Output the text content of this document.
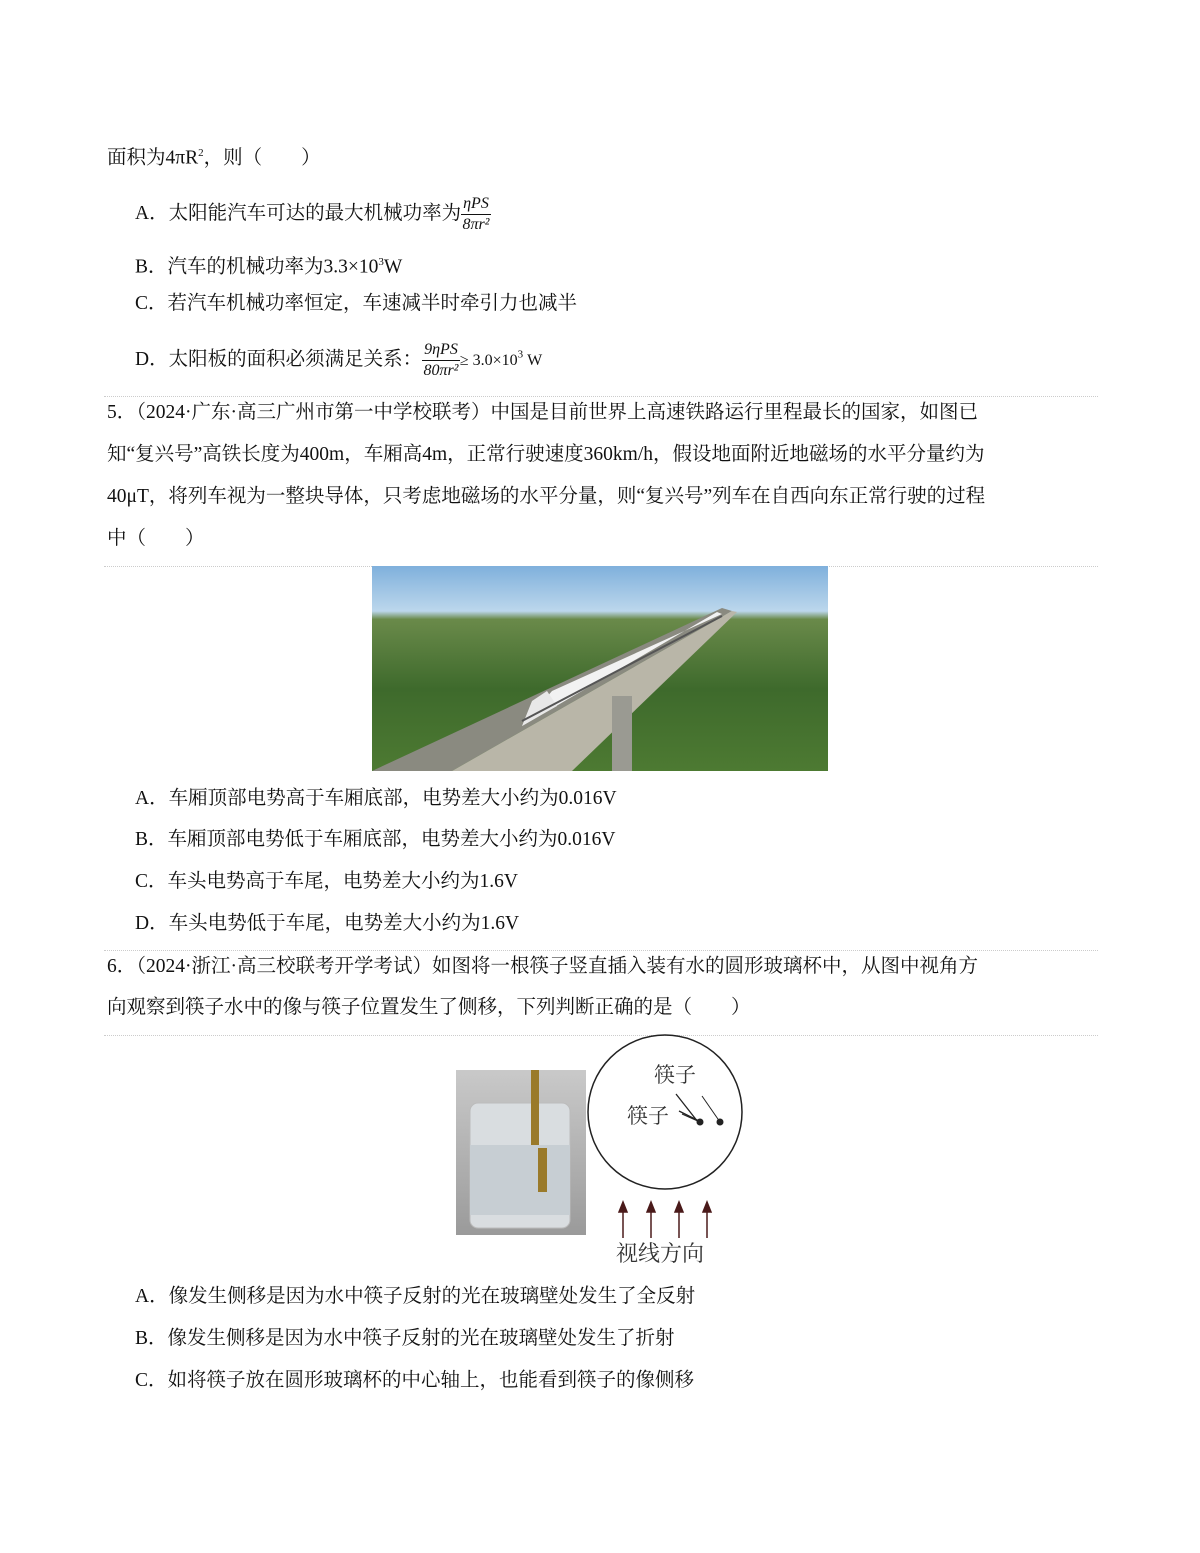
面积为$4\pi R^2$，则（　　）
A．太阳能汽车可达的最大机械功率为 $\frac{\text{ηPS}}{\text{8πr²}}$
B．汽车的机械功率为$3.3\times 10^3W$
C．若汽车机械功率恒定，车速减半时牵引力也减半
D．太阳板的面积必须满足关系： $\frac{\text{9ηPS}}{\text{80πr²}} \ge 3.0\times 10^3$ W
5．（2024·广东·高三广州市第一中学校联考）中国是目前世界上高速铁路运行里程最长的国家，如图已
知“复兴号”高铁长度为400m，车厢高4m，正常行驶速度360km/h，假设地面附近地磁场的水平分量约为
40μT，将列车视为一整块导体，只考虑地磁场的水平分量，则“复兴号”列车在自西向东正常行驶的过程
中（　　）
A．车厢顶部电势高于车厢底部，电势差大小约为0.016V
B．车厢顶部电势低于车厢底部，电势差大小约为0.016V
C．车头电势高于车尾，电势差大小约为1.6V
D．车头电势低于车尾，电势差大小约为1.6V
6．（2024·浙江·高三校联考开学考试）如图将一根筷子竖直插入装有水的圆形玻璃杯中，从图中视角方
向观察到筷子水中的像与筷子位置发生了侧移，下列判断正确的是（　　）
筷子
筷子
视线方向
A．像发生侧移是因为水中筷子反射的光在玻璃壁处发生了全反射
B．像发生侧移是因为水中筷子反射的光在玻璃壁处发生了折射
C．如将筷子放在圆形玻璃杯的中心轴上，也能看到筷子的像侧移
